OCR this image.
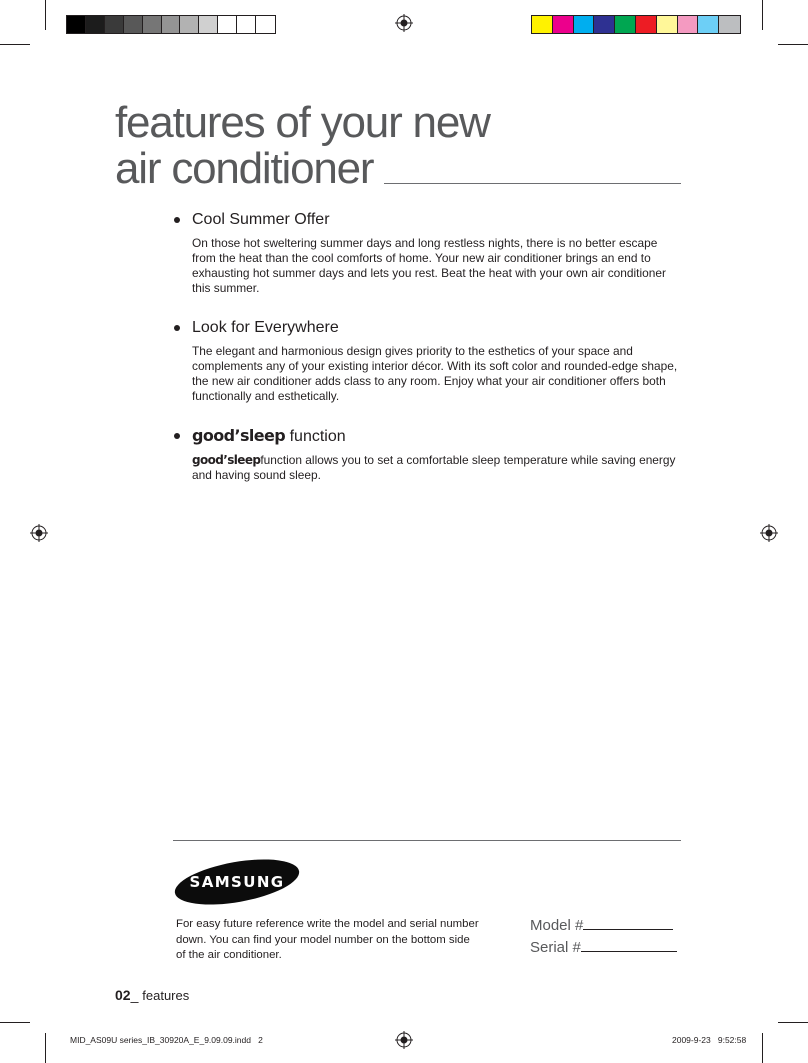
features of your new
air conditioner
Cool Summer Offer
On those hot sweltering summer days and long restless nights, there is no better escape
from the heat than the cool comforts of home. Your new air conditioner brings an end to
exhausting hot summer days and lets you rest. Beat the heat with your own air conditioner
this summer.
Look for Everywhere
The elegant and harmonious design gives priority to the esthetics of your space and
complements any of your existing interior décor. With its soft color and rounded-edge shape,
the new air conditioner adds class to any room. Enjoy what your air conditioner offers both
functionally and esthetically.
good’sleep function
good’sleepfunction allows you to set a comfortable sleep temperature while saving energy
and having sound sleep.
SAMSUNG
For easy future reference write the model and serial number
down. You can find your model number on the bottom side
of the air conditioner.
Model #
Serial #
02_ features
MID_AS09U series_IB_30920A_E_9.09.09.indd   2	2009-9-23 9:52:58
